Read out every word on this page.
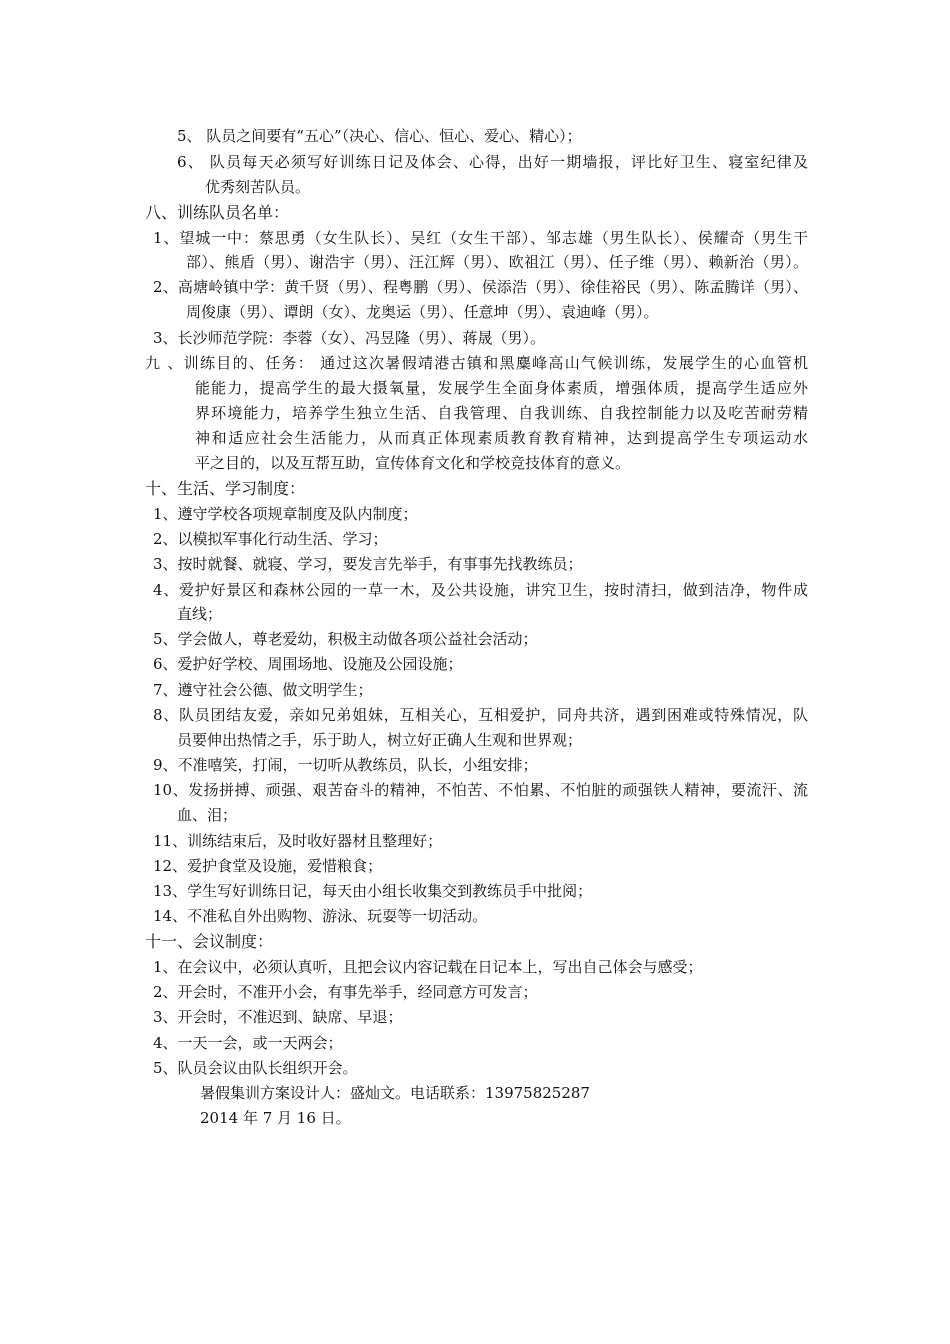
5、 队员之间要有“五心”（决心、信心、恒心、爱心、精心）；
6、 队员每天必须写好训练日记及体会、心得，出好一期墙报，评比好卫生、寝室纪律及
优秀刻苦队员。
八、训练队员名单：
1、望城一中：蔡思勇（女生队长）、吴红（女生干部）、邹志雄（男生队长）、侯耀奇（男生干
部）、熊盾（男）、谢浩宇（男）、汪江辉（男）、欧祖江（男）、任子维（男）、赖新治（男）。
2、高塘岭镇中学：黄千贤（男）、程粤鹏（男）、侯添浩（男）、徐佳裕民（男）、陈孟腾详（男）、
周俊康（男）、谭朗（女）、龙奥运（男）、任意坤（男）、袁迪峰（男）。
3、长沙师范学院：李蓉（女）、冯昱隆（男）、蒋晟（男）。
九 、训练目的、任务： 通过这次暑假靖港古镇和黑麋峰高山气候训练，发展学生的心血管机
能能力，提高学生的最大摄氧量，发展学生全面身体素质，增强体质，提高学生适应外
界环境能力，培养学生独立生活、自我管理、自我训练、自我控制能力以及吃苦耐劳精
神和适应社会生活能力，从而真正体现素质教育教育精神，达到提高学生专项运动水
平之目的，以及互帮互助，宣传体育文化和学校竞技体育的意义。
十、生活、学习制度：
1、遵守学校各项规章制度及队内制度；
2、以模拟军事化行动生活、学习；
3、按时就餐、就寝、学习，要发言先举手，有事事先找教练员；
4、爱护好景区和森林公园的一草一木，及公共设施，讲究卫生，按时清扫，做到洁净，物件成
直线；
5、学会做人，尊老爱幼，积极主动做各项公益社会活动；
6、爱护好学校、周围场地、设施及公园设施；
7、遵守社会公德、做文明学生；
8、队员团结友爱，亲如兄弟姐妹，互相关心，互相爱护，同舟共济，遇到困难或特殊情况，队
员要伸出热情之手，乐于助人，树立好正确人生观和世界观；
9、不准嘻笑，打闹，一切听从教练员，队长，小组安排；
10、发扬拼搏、顽强、艰苦奋斗的精神，不怕苦、不怕累、不怕脏的顽强铁人精神，要流汗、流
血、泪；
11、训练结束后，及时收好器材且整理好；
12、爱护食堂及设施，爱惜粮食；
13、学生写好训练日记，每天由小组长收集交到教练员手中批阅；
14、不准私自外出购物、游泳、玩耍等一切活动。
十一、会议制度：
1、在会议中，必须认真听，且把会议内容记载在日记本上，写出自己体会与感受；
2、开会时，不准开小会，有事先举手，经同意方可发言；
3、开会时，不准迟到、缺席、早退；
4、一天一会，或一天两会；
5、队员会议由队长组织开会。
暑假集训方案设计人：盛灿文。电话联系：13975825287
2014 年 7 月 16 日。
